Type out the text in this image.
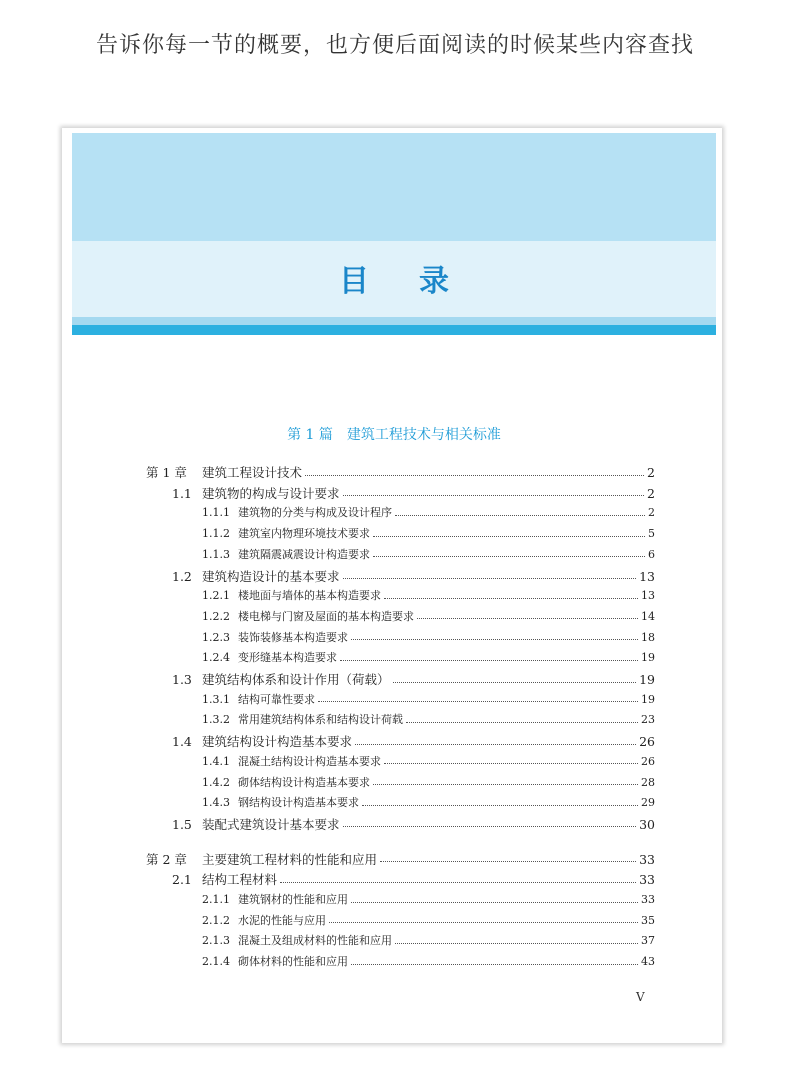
告诉你每一节的概要，也方便后面阅读的时候某些内容查找
目录
第 1 篇　建筑工程技术与相关标准
第 1 章	建筑工程设计技术	2
1.1 建筑物的构成与设计要求	2
1.1.1 建筑物的分类与构成及设计程序	2
1.1.2 建筑室内物理环境技术要求	5
1.1.3 建筑隔震减震设计构造要求	6
1.2 建筑构造设计的基本要求	13
1.2.1 楼地面与墙体的基本构造要求	13
1.2.2 楼电梯与门窗及屋面的基本构造要求	14
1.2.3 装饰装修基本构造要求	18
1.2.4 变形缝基本构造要求	19
1.3 建筑结构体系和设计作用（荷载）	19
1.3.1 结构可靠性要求	19
1.3.2 常用建筑结构体系和结构设计荷载	23
1.4 建筑结构设计构造基本要求	26
1.4.1 混凝土结构设计构造基本要求	26
1.4.2 砌体结构设计构造基本要求	28
1.4.3 钢结构设计构造基本要求	29
1.5 装配式建筑设计基本要求	30
第 2 章	主要建筑工程材料的性能和应用	33
2.1 结构工程材料	33
2.1.1 建筑钢材的性能和应用	33
2.1.2 水泥的性能与应用	35
2.1.3 混凝土及组成材料的性能和应用	37
2.1.4 砌体材料的性能和应用	43
V
